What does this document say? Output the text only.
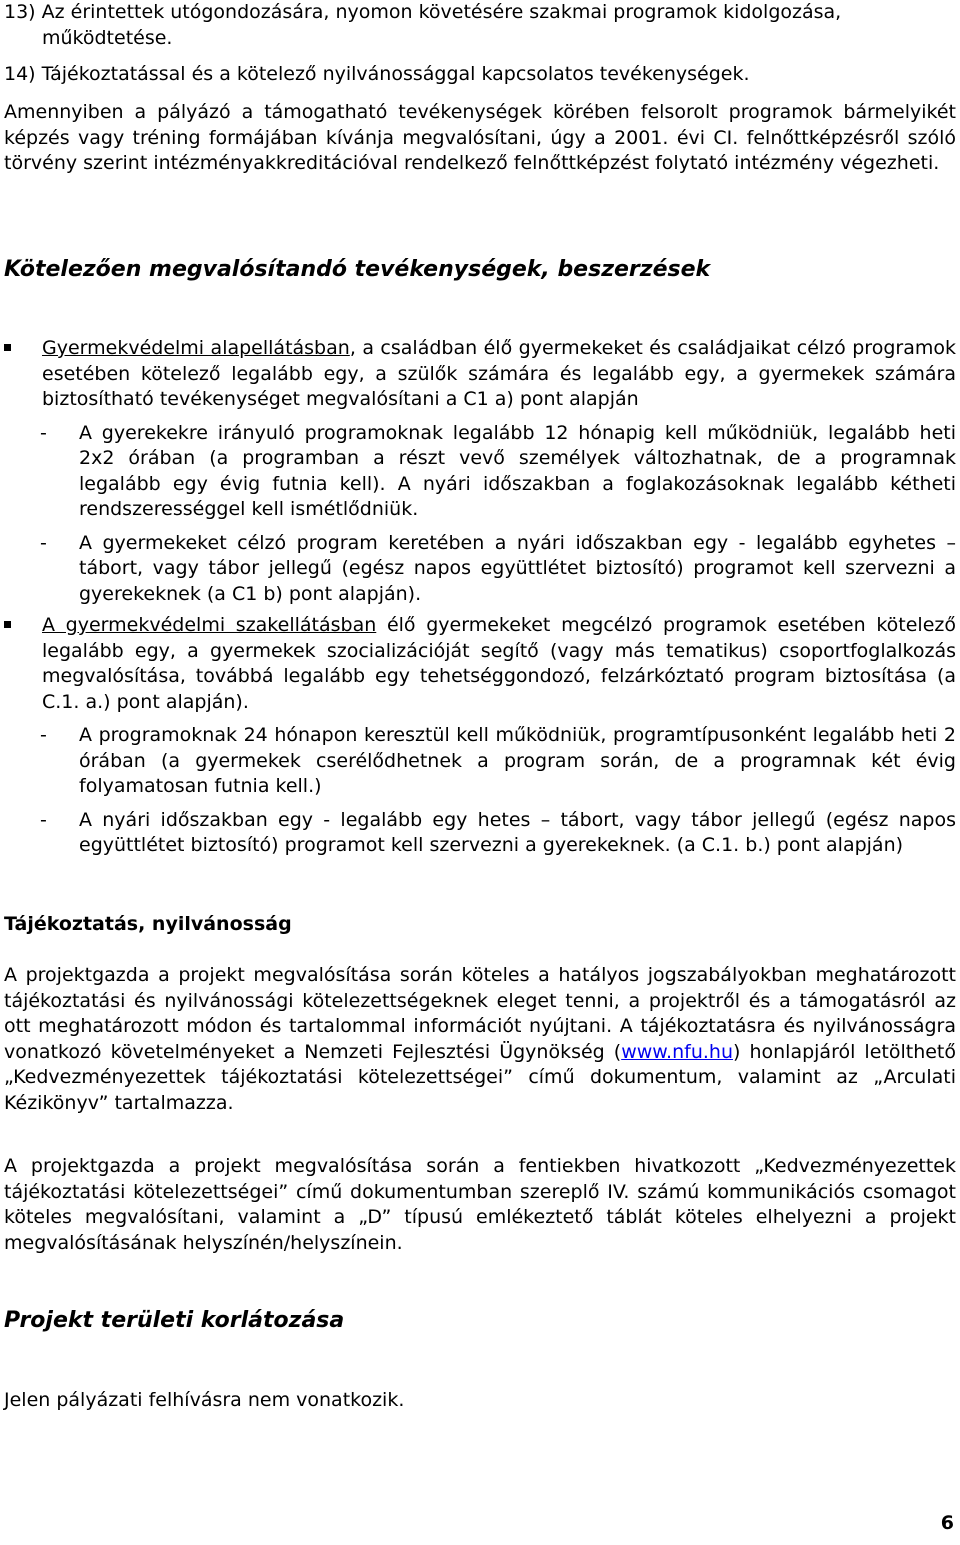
13) Az érintettek utógondozására, nyomon követésére szakmai programok kidolgozása,
működtetése.

14) Tájékoztatással és a kötelező nyilvánossággal kapcsolatos tevékenységek.

Amennyiben a pályázó a támogatható tevékenységek körében felsorolt programok bármelyikét képzés vagy tréning formájában kívánja megvalósítani, úgy a 2001. évi CI. felnőttképzésről szóló törvény szerint intézményakkreditációval rendelkező felnőttképzést folytató intézmény végezheti.

Kötelezően megvalósítandó tevékenységek, beszerzések

Gyermekvédelmi alapellátásban, a családban élő gyermekeket és családjaikat célzó programok esetében kötelező legalább egy, a szülők számára és legalább egy, a gyermekek számára biztosítható tevékenységet megvalósítani a C1 a) pont alapján

- A gyerekekre irányuló programoknak legalább 12 hónapig kell működniük, legalább heti 2x2 órában (a programban a részt vevő személyek változhatnak, de a programnak legalább egy évig futnia kell). A nyári időszakban a foglakozásoknak legalább kétheti rendszerességgel kell ismétlődniük.

- A gyermekeket célzó program keretében a nyári időszakban egy - legalább egyhetes – tábort, vagy tábor jellegű (egész napos együttlétet biztosító) programot kell szervezni a gyerekeknek (a C1 b) pont alapján).

A gyermekvédelmi szakellátásban élő gyermekeket megcélzó programok esetében kötelező legalább egy, a gyermekek szocializációját segítő (vagy más tematikus) csoportfoglalkozás megvalósítása, továbbá legalább egy tehetséggondozó, felzárkóztató program biztosítása (a C.1. a.) pont alapján).

- A programoknak 24 hónapon keresztül kell működniük, programtípusonként legalább heti 2 órában (a gyermekek cserélődhetnek a program során, de a programnak két évig folyamatosan futnia kell.)

- A nyári időszakban egy - legalább egy hetes – tábort, vagy tábor jellegű (egész napos együttlétet biztosító) programot kell szervezni a gyerekeknek. (a C.1. b.) pont alapján)

Tájékoztatás, nyilvánosság

A projektgazda a projekt megvalósítása során köteles a hatályos jogszabályokban meghatározott tájékoztatási és nyilvánossági kötelezettségeknek eleget tenni, a projektről és a támogatásról az ott meghatározott módon és tartalommal információt nyújtani. A tájékoztatásra és nyilvánosságra vonatkozó követelményeket a Nemzeti Fejlesztési Ügynökség (www.nfu.hu) honlapjáról letölthető „Kedvezményezettek tájékoztatási kötelezettségei” című dokumentum, valamint az „Arculati Kézikönyv” tartalmazza.

A projektgazda a projekt megvalósítása során a fentiekben hivatkozott „Kedvezményezettek tájékoztatási kötelezettségei” című dokumentumban szereplő IV. számú kommunikációs csomagot köteles megvalósítani, valamint a „D” típusú emlékeztető táblát köteles elhelyezni a projekt megvalósításának helyszínén/helyszínein.

Projekt területi korlátozása

Jelen pályázati felhívásra nem vonatkozik.

6
